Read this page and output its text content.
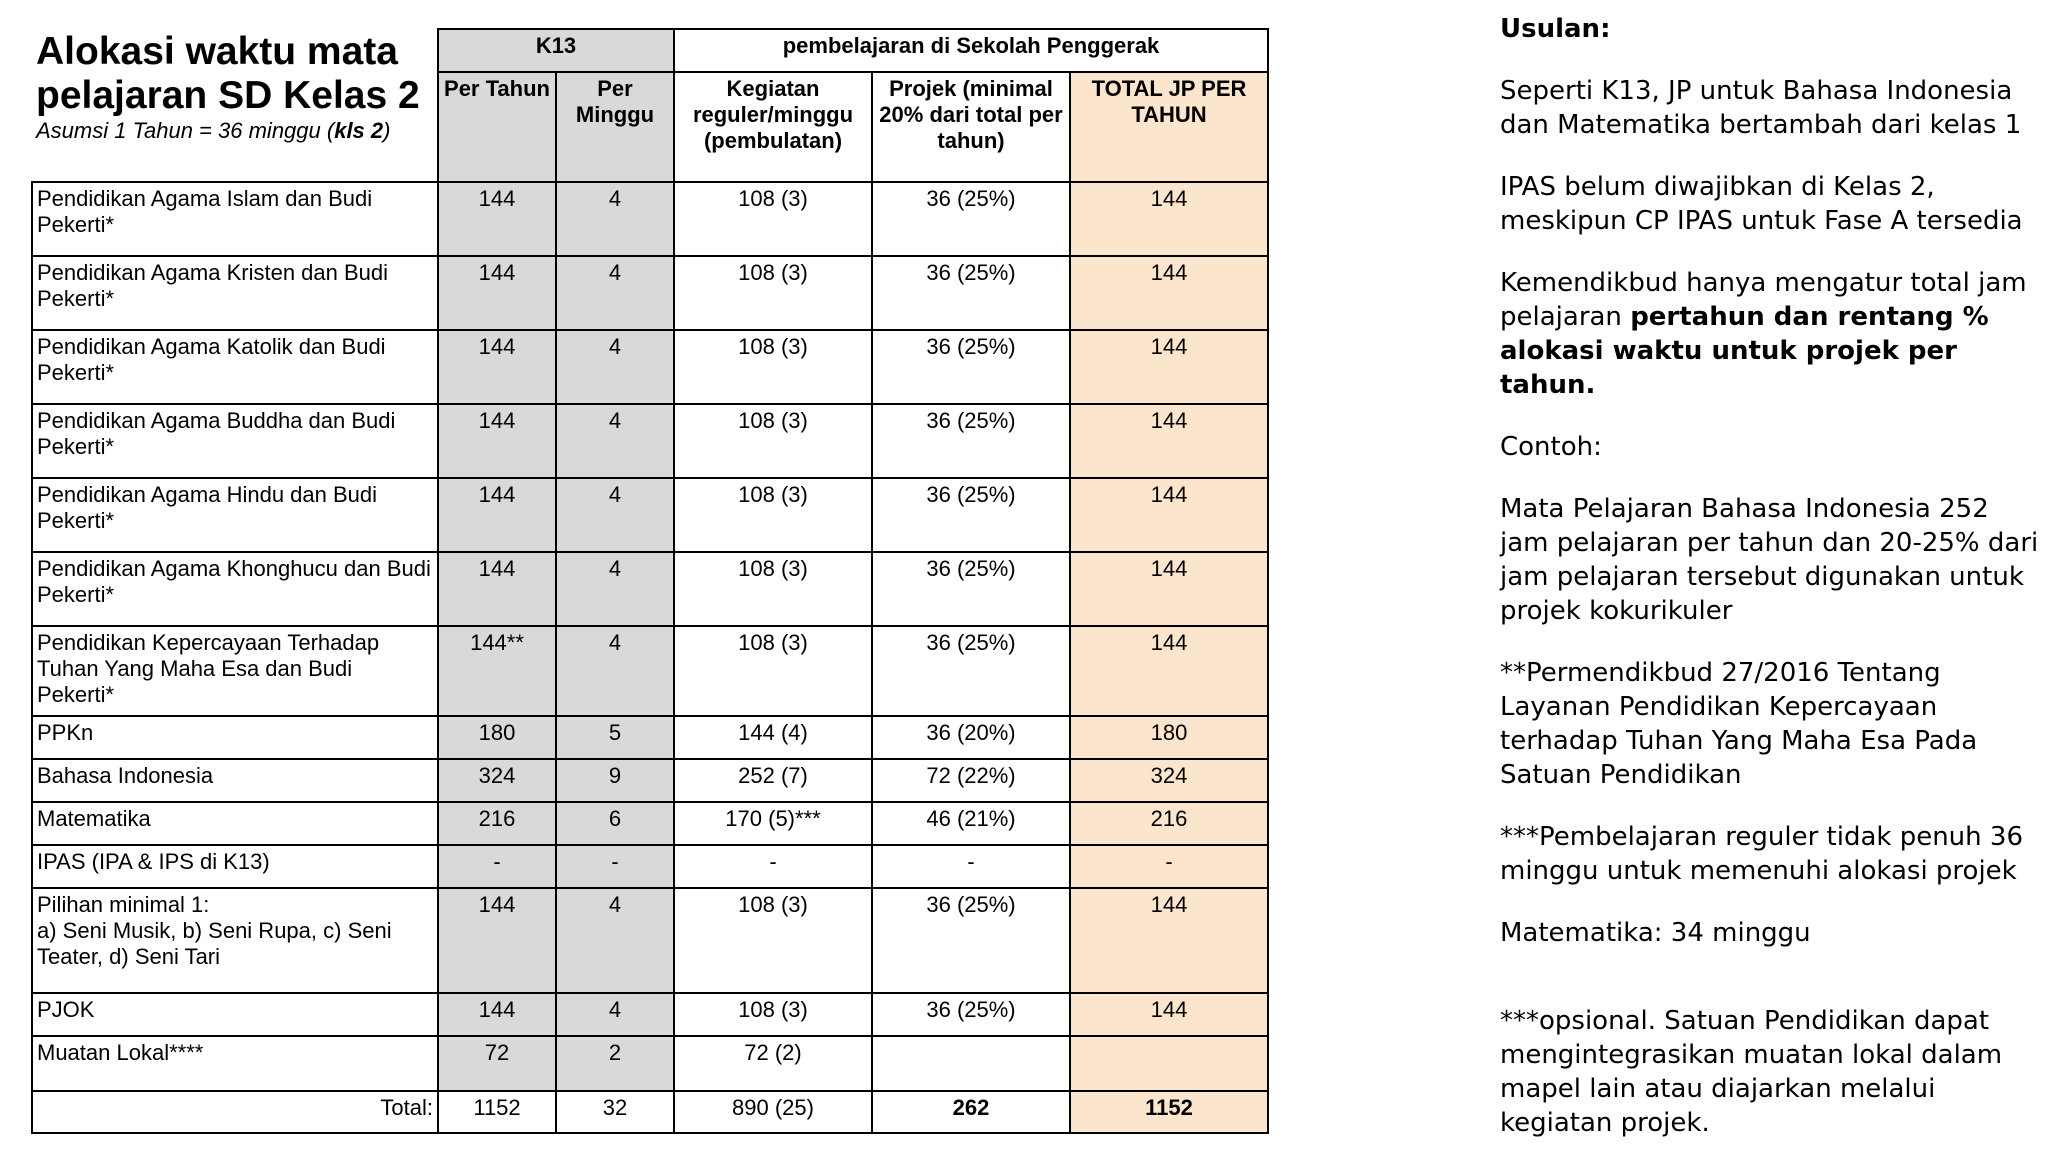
Alokasi waktu mata pelajaran SD Kelas 2

Asumsi 1 Tahun = 36 minggu (kls 2)
	K13		pembelajaran di Sekolah Penggerak		
	Per Tahun	Per Minggu	Kegiatan reguler/minggu (pembulatan)	Projek (minimal 20% dari total per tahun)	TOTAL JP PER TAHUN
Pendidikan Agama Islam dan Budi Pekerti*	144	4	108 (3)	36 (25%)	144
Pendidikan Agama Kristen dan Budi Pekerti*	144	4	108 (3)	36 (25%)	144
Pendidikan Agama Katolik dan Budi Pekerti*	144	4	108 (3)	36 (25%)	144
Pendidikan Agama Buddha dan Budi Pekerti*	144	4	108 (3)	36 (25%)	144
Pendidikan Agama Hindu dan Budi Pekerti*	144	4	108 (3)	36 (25%)	144
Pendidikan Agama Khonghucu dan Budi Pekerti*	144	4	108 (3)	36 (25%)	144
Pendidikan Kepercayaan Terhadap Tuhan Yang Maha Esa dan Budi Pekerti*	144**	4	108 (3)	36 (25%)	144
PPKn	180	5	144 (4)	36 (20%)	180
Bahasa Indonesia	324	9	252 (7)	72 (22%)	324
Matematika	216	6	170 (5)***	46 (21%)	216
IPAS (IPA & IPS di K13)	-	-	-	-	-
Pilihan minimal 1:
a) Seni Musik, b) Seni Rupa, c) Seni Teater, d) Seni Tari	144	4	108 (3)	36 (25%)	144
PJOK	144	4	108 (3)	36 (25%)	144
Muatan Lokal****	72	2	72 (2)		
Total:	1152	32	890 (25)	262	1152

Usulan:

Seperti K13, JP untuk Bahasa Indonesia dan Matematika bertambah dari kelas 1

IPAS belum diwajibkan di Kelas 2, meskipun CP IPAS untuk Fase A tersedia

Kemendikbud hanya mengatur total jam pelajaran pertahun dan rentang % alokasi waktu untuk projek per tahun.

Contoh:

Mata Pelajaran Bahasa Indonesia 252 jam pelajaran per tahun dan 20-25% dari jam pelajaran tersebut digunakan untuk projek kokurikuler

**Permendikbud 27/2016 Tentang Layanan Pendidikan Kepercayaan terhadap Tuhan Yang Maha Esa Pada Satuan Pendidikan

***Pembelajaran reguler tidak penuh 36 minggu untuk memenuhi alokasi projek

Matematika: 34 minggu

***opsional. Satuan Pendidikan dapat mengintegrasikan muatan lokal dalam mapel lain atau diajarkan melalui kegiatan projek.
